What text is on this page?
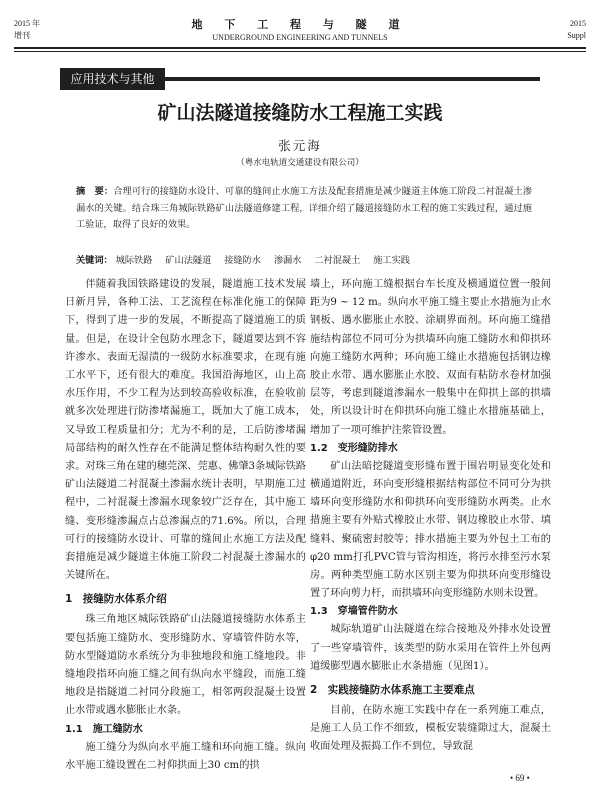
2015 年
增刊
地 下 工 程 与 隧 道
UNDERGROUND ENGINEERING AND TUNNELS
2015
Suppl
应用技术与其他
矿山法隧道接缝防水工程施工实践
张元海
（粤水电轨道交通建设有限公司）
摘　要：合理可行的接缝防水设计、可靠的缝间止水施工方法及配套措施是减少隧道主体施工阶段二衬混凝土渗漏水的关键。结合珠三角城际铁路矿山法隧道修建工程，详细介绍了隧道接缝防水工程的施工实践过程，通过施工验证，取得了良好的效果。
关键词： 城际铁路 矿山法隧道 接缝防水 渗漏水 二衬混凝土 施工实践

伴随着我国铁路建设的发展，隧道施工技术发展日新月异，各种工法、工艺流程在标准化施工的保障下，得到了进一步的发展，不断提高了隧道施工的质量。但是，在设计全包防水理念下，隧道要达到不容许渗水、表面无湿渍的一级防水标准要求，在现有施工水平下，还有很大的难度。我国沿海地区，山上高水压作用，不少工程为达到较高验收标准，在验收前就多次处理进行防渗堵漏施工，既加大了施工成本，又导致工程质量扣分；尤为不利的是，工后防渗堵漏局部结构的耐久性存在不能满足整体结构耐久性的要求。对珠三角在建的穗莞深、莞惠、佛肇3条城际铁路矿山法隧道二衬混凝土渗漏水统计表明，早期施工过程中，二衬混凝土渗漏水现象较广泛存在，其中施工缝、变形缝渗漏点占总渗漏点的71.6%。所以，合理可行的接缝防水设计、可靠的缝间止水施工方法及配套措施是减少隧道主体施工阶段二衬混凝土渗漏水的关键所在。

1　接缝防水体系介绍

珠三角地区城际铁路矿山法隧道接缝防水体系主要包括施工缝防水、变形缝防水、穿墙管件防水等，防水型隧道防水系统分为非独地段和施工缝地段。非缝地段指环向施工缝之间有纵向水平缝段，而施工缝地段是指隧道二衬同分段施工，相邻两段混凝土设置止水带或遇水膨胀止水条。

1.1　施工缝防水

施工缝分为纵向水平施工缝和环向施工缝。纵向水平施工缝设置在二衬仰拱面上30 cm的拱

墙上，环向施工缝根据台车长度及横通道位置一般间距为9 ~ 12 m。纵向水平施工缝主要止水措施为止水钢板、遇水膨胀止水胶、涂刷界面剂。环向施工缝措施结构部位不同可分为拱墙环向施工缝防水和仰拱环向施工缝防水两种；环向施工缝止水措施包括钢边橡胶止水带、遇水膨胀止水胶、双面有粘防水卷材加强层等，考虑到隧道渗漏水一般集中在仰拱上部的拱墙处，所以设计时在仰拱环向施工缝止水措施基础上，增加了一项可维护注浆管设置。

1.2　变形缝防排水

矿山法暗挖隧道变形缝布置于围岩明显变化处和横通道附近，环向变形缝根据结构部位不同可分为拱墙环向变形缝防水和仰拱环向变形缝防水两类。止水措施主要有外贴式橡胶止水带、钢边橡胶止水带、填缝料、聚硫密封胶等；排水措施主要为外包土工布的φ20 mm打孔PVC管与管沟相连，将污水排至污水泵房。两种类型施工防水区别主要为仰拱环向变形缝设置了环向剪力杆，而拱墙环向变形缝防水则未设置。

1.3　穿墙管件防水

城际轨道矿山法隧道在综合接地及外排水处设置了一些穿墙管件，该类型的防水采用在管件上外包两道缓膨型遇水膨胀止水条措施（见图1）。

2　实践接缝防水体系施工主要难点

目前，在防水施工实践中存在一系列施工难点，是施工人员工作不细致，模板安装缝隙过大，混凝土收面处理及振捣工作不到位，导致混

• 69 •
